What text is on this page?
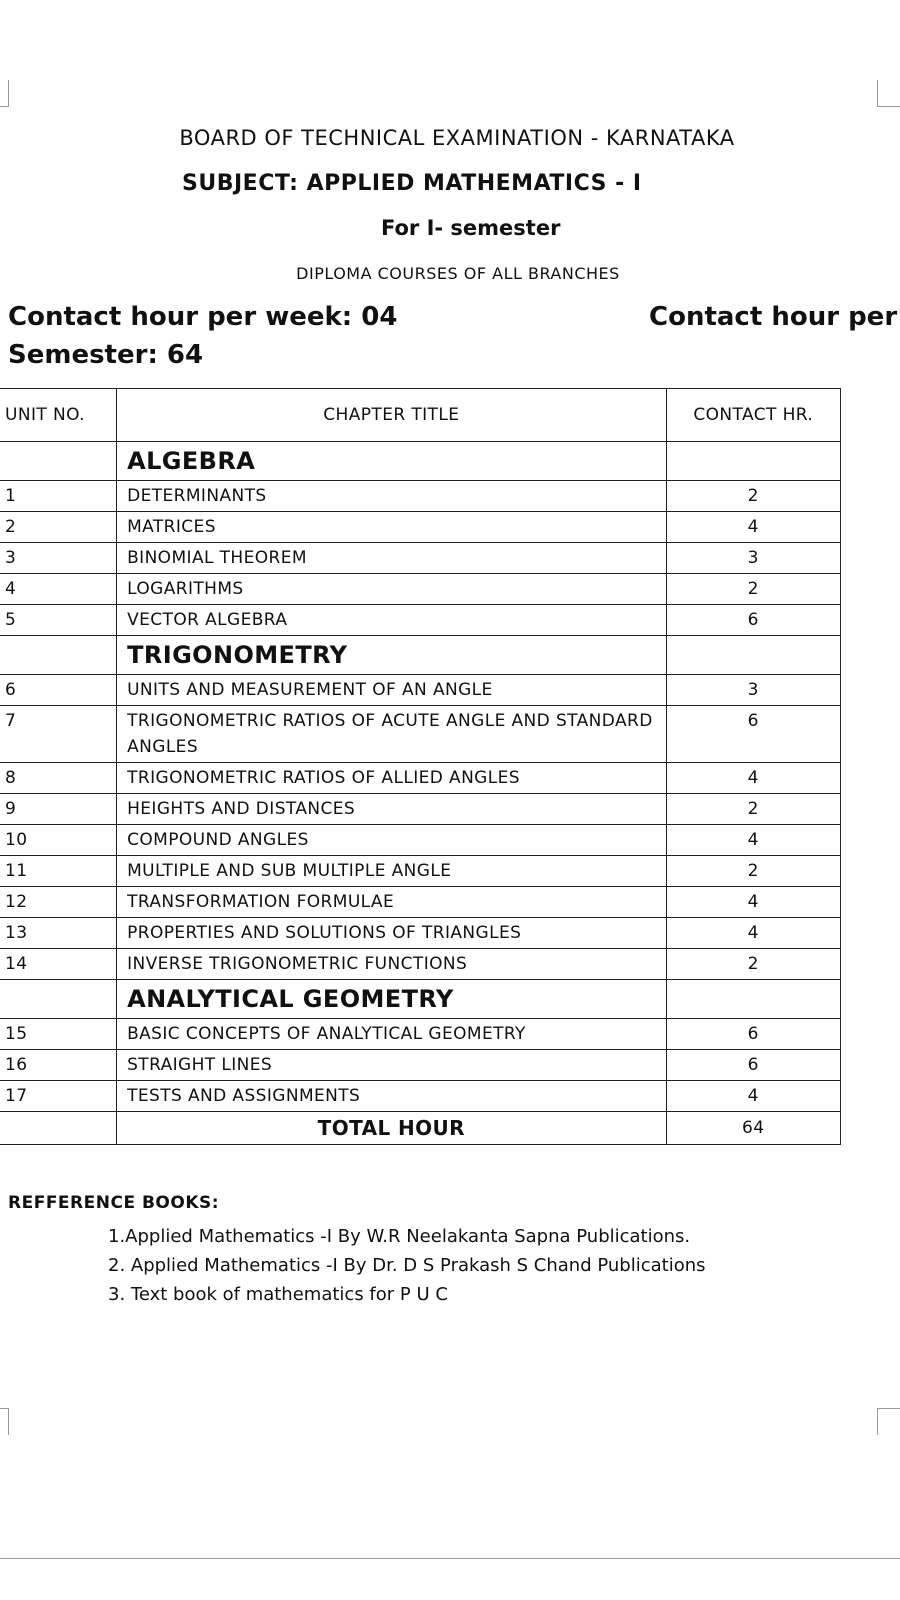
BOARD OF TECHNICAL EXAMINATION - KARNATAKA
SUBJECT: APPLIED MATHEMATICS - I
For I- semester
DIPLOMA COURSES OF ALL BRANCHES
Contact hour per week: 04	Contact hour per
Semester: 64
UNIT NO.	CHAPTER TITLE	CONTACT HR.
	ALGEBRA	
1	DETERMINANTS	2
2	MATRICES	4
3	BINOMIAL THEOREM	3
4	LOGARITHMS	2
5	VECTOR ALGEBRA	6
	TRIGONOMETRY	
6	UNITS AND MEASUREMENT OF AN ANGLE	3
7	TRIGONOMETRIC RATIOS OF ACUTE ANGLE AND STANDARD ANGLES	6
8	TRIGONOMETRIC RATIOS OF ALLIED ANGLES	4
9	HEIGHTS AND DISTANCES	2
10	COMPOUND ANGLES	4
11	MULTIPLE AND SUB MULTIPLE ANGLE	2
12	TRANSFORMATION FORMULAE	4
13	PROPERTIES AND SOLUTIONS OF TRIANGLES	4
14	INVERSE TRIGONOMETRIC FUNCTIONS	2
	ANALYTICAL GEOMETRY	
15	BASIC CONCEPTS OF ANALYTICAL GEOMETRY	6
16	STRAIGHT LINES	6
17	TESTS AND ASSIGNMENTS	4
	TOTAL HOUR	64
REFFERENCE BOOKS:
1.Applied Mathematics -I By W.R Neelakanta Sapna Publications.
2. Applied Mathematics -I By Dr. D S Prakash S Chand Publications
3. Text book of mathematics for P U C
